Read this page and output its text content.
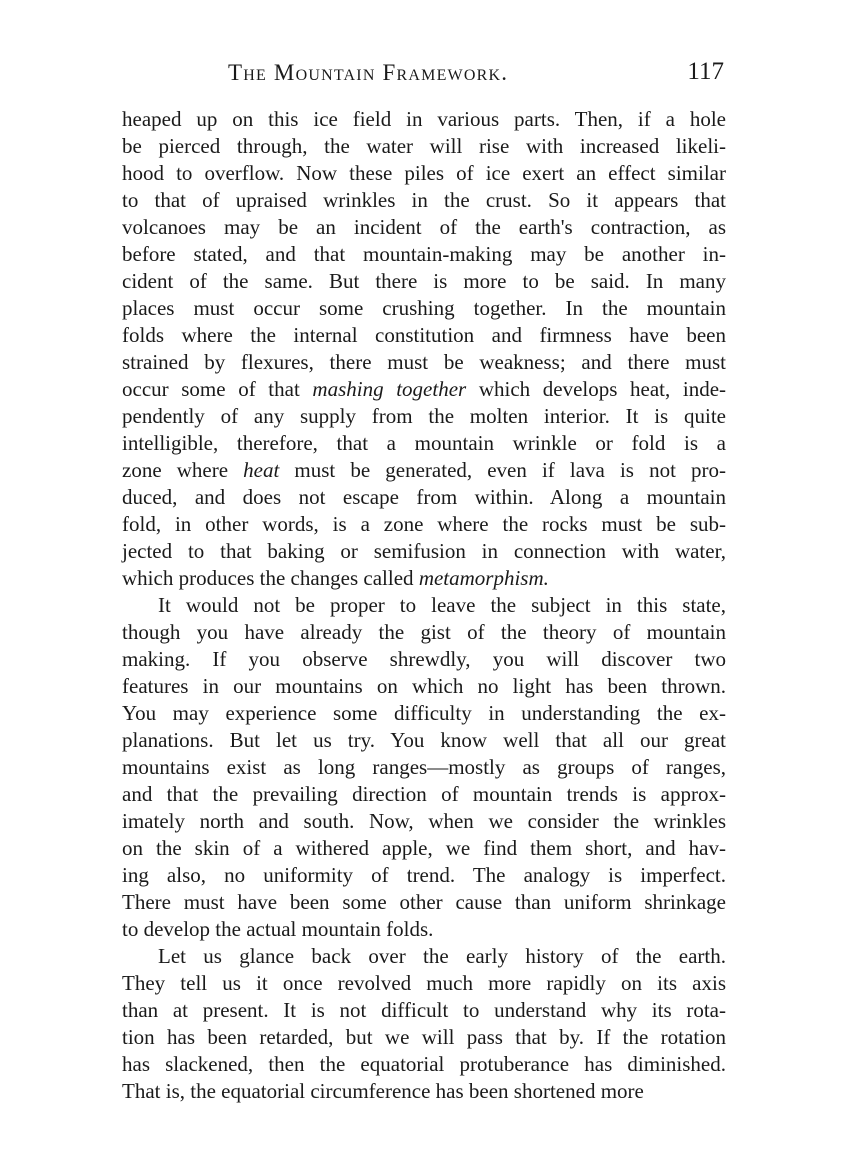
The Mountain Framework.	117
heaped up on this ice field in various parts. Then, if a hole
be pierced through, the water will rise with increased likeli-
hood to overflow. Now these piles of ice exert an effect similar
to that of upraised wrinkles in the crust. So it appears that
volcanoes may be an incident of the earth's contraction, as
before stated, and that mountain-making may be another in-
cident of the same. But there is more to be said. In many
places must occur some crushing together. In the mountain
folds where the internal constitution and firmness have been
strained by flexures, there must be weakness; and there must
occur some of that mashing together which develops heat, inde-
pendently of any supply from the molten interior. It is quite
intelligible, therefore, that a mountain wrinkle or fold is a
zone where heat must be generated, even if lava is not pro-
duced, and does not escape from within. Along a mountain
fold, in other words, is a zone where the rocks must be sub-
jected to that baking or semifusion in connection with water,
which produces the changes called metamorphism.
It would not be proper to leave the subject in this state,
though you have already the gist of the theory of mountain
making. If you observe shrewdly, you will discover two
features in our mountains on which no light has been thrown.
You may experience some difficulty in understanding the ex-
planations. But let us try. You know well that all our great
mountains exist as long ranges—mostly as groups of ranges,
and that the prevailing direction of mountain trends is approx-
imately north and south. Now, when we consider the wrinkles
on the skin of a withered apple, we find them short, and hav-
ing also, no uniformity of trend. The analogy is imperfect.
There must have been some other cause than uniform shrinkage
to develop the actual mountain folds.
Let us glance back over the early history of the earth.
They tell us it once revolved much more rapidly on its axis
than at present. It is not difficult to understand why its rota-
tion has been retarded, but we will pass that by. If the rotation
has slackened, then the equatorial protuberance has diminished.
That is, the equatorial circumference has been shortened more
